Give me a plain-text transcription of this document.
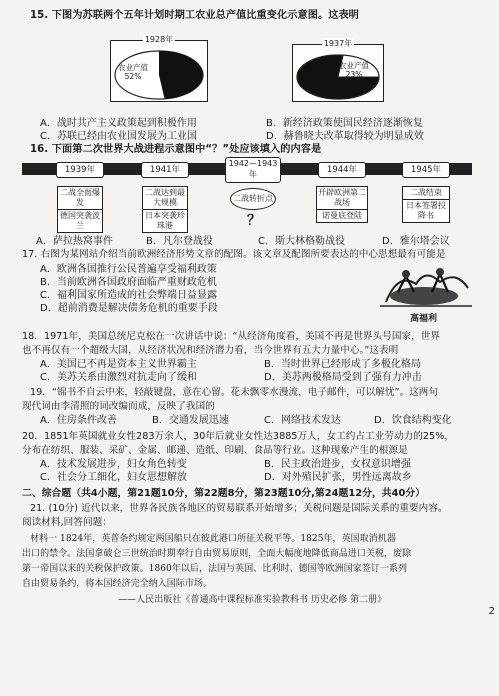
15. 下图为苏联两个五年计划时期工农业总产值比重变化示意图。这表明
1928年
农业产值52%
1937年
农业产值23%
A．战时共产主义政策起到积极作用	B．新经济政策使国民经济逐渐恢复
C．苏联已经由农业国发展为工业国	D．赫鲁晓夫改革取得较为明显成效
16. 下面第二次世界大战进程示意图中“？”处应该填入的内容是
1939年	1941年
1942—1943年	1944年	1945年
二战全面爆发
德国突袭波兰
二战达到最大规模
日本突袭珍珠港
二战转折点
？
开辟欧洲第二战场
诺曼底登陆
二战结束
日本签署投降书
A．萨拉热窝事件	B．凡尔登战役	C．斯大林格勒战役	D．雅尔塔会议
17. 右图为某网站介绍当前欧洲经济形势文章的配图。该文章及配图所要表达的中心思想最有可能是
A．欧洲各国推行公民普遍享受福利政策
B．当前欧洲各国政府面临严重财政危机
C．福利国家所造成的社会弊端日益显露
D．超前消费是解决债务危机的重要手段
高福利
18．1971年，美国总统尼克松在一次讲话中说：“从经济角度看，美国不再是世界头号国家，世界
也不再仅有一个超级大国，从经济状况和经济潜力看，当今世界有五大力量中心。”这表明
A．美国已不再是资本主义世界霸主	B．当时世界已经形成了多极化格局
C．美苏关系由激烈对抗走向了缓和	D．美苏两极格局受到了强有力冲击
19．“锦书不自云中来，轻敲键盘，意在心留。花未飘零水漫流，电子邮件，可以解忧”。这两句
现代词由李清照的词改编而成，反映了我国的
A．住房条件改善	B．交通发展迅速	C．网络技术发达	D．饮食结构变化
20．1851年英国就业女性283万余人，30年后就业女性达3885万人，女工约占工业劳动力的25%，
分布在纺织、服装、采矿、金属、邮递、造纸、印刷、食品等行业。这种现象产生的根源是
A．技术发展进步，妇女角色转变	B．民主政治进步，女权意识增强
C．社会分工细化，妇女思想解放	D．对外殖民扩张，男性远离故乡
二、综合题（共4小题，第21题10分，第22题8分，第23题10分,第24题12分，共40分）
21. (10分) 近代以来，世界各民族各地区的贸易联系开始增多；关税问题是国际关系的重要内容。
阅读材料,回答问题：
材料一 1824年，英普条约规定两国船只在彼此港口所征关税平等。1825年，英国取消机器
出口的禁令。法国拿破仑三世统治时期奉行自由贸易原则，全面大幅度地降低商品进口关税，废除
第一帝国以来的关税保护政策。1860年以后，法国与英国、比利时、德国等欧洲国家签订一系列
自由贸易条约，将本国经济完全纳入国际市场。
——人民出版社《普通高中课程标准实验教科书 历史必修 第二册》
2
